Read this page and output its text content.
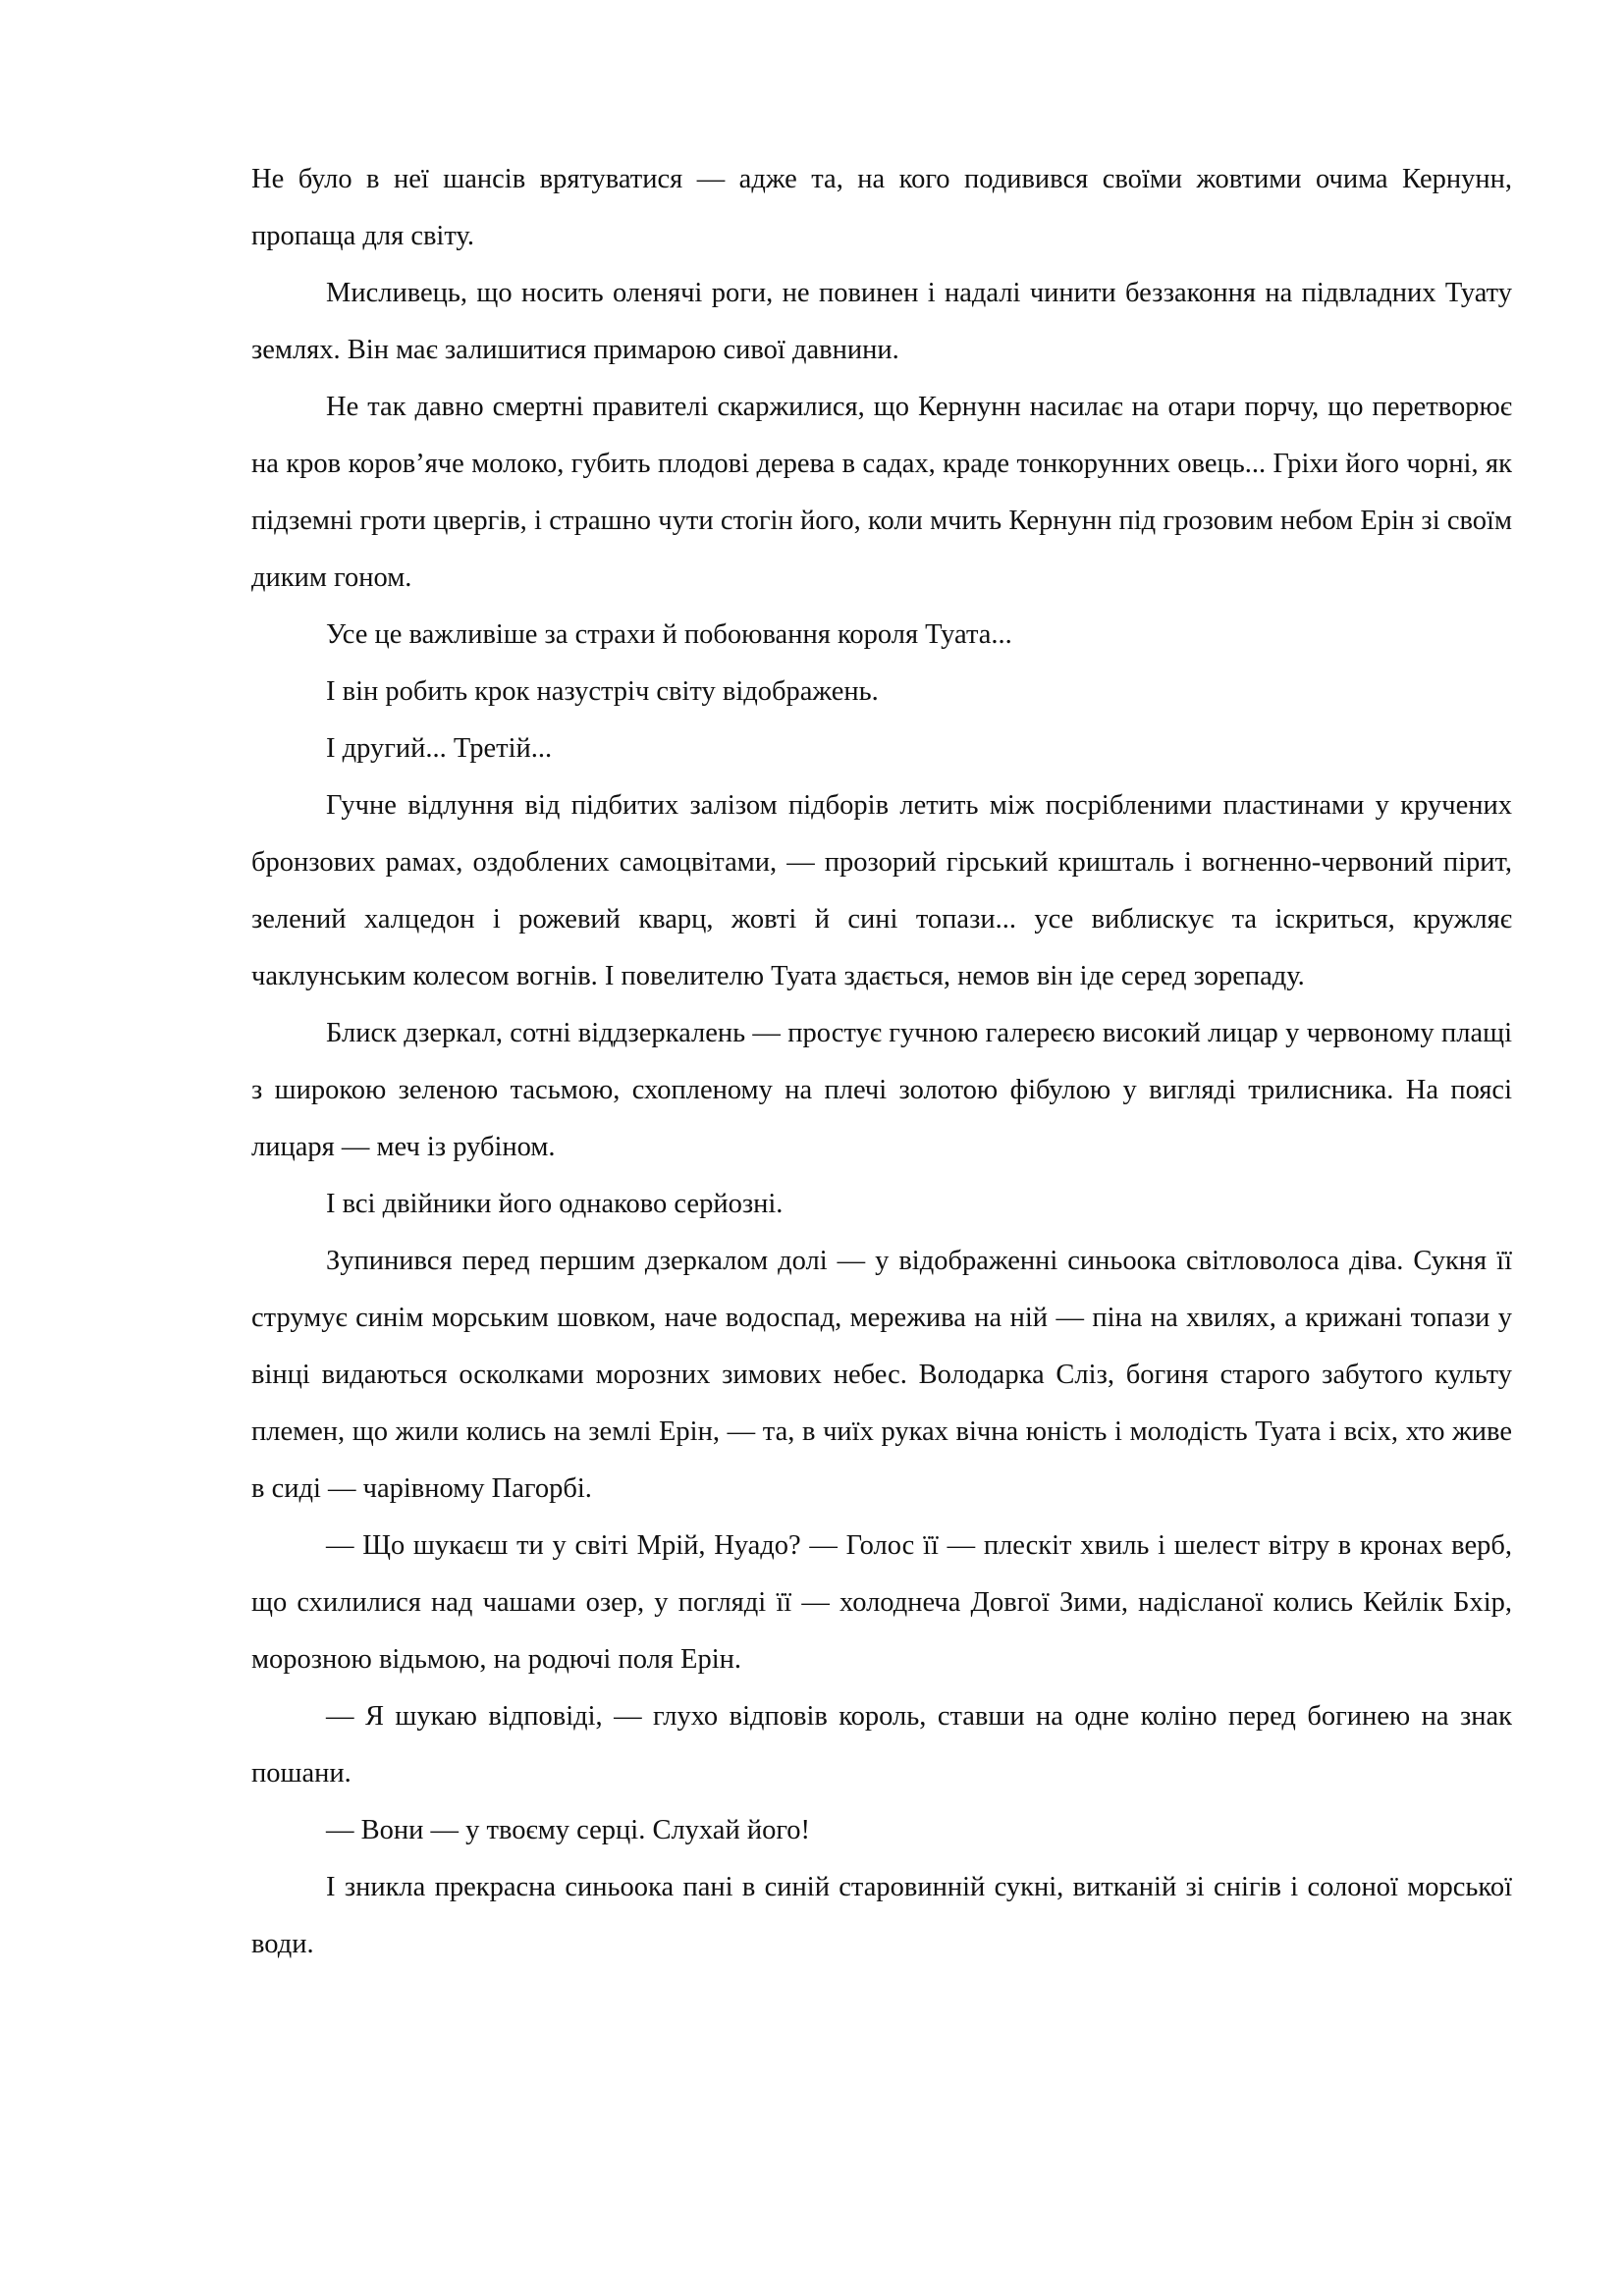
Не було в неї шансів врятуватися — адже та, на кого подивився своїми жовтими очима Кернунн, пропаща для світу.

Мисливець, що носить оленячі роги, не повинен і надалі чинити беззаконня на підвладних Туату землях. Він має залишитися примарою сивої давнини.

Не так давно смертні правителі скаржилися, що Кернунн насилає на отари порчу, що перетворює на кров коров’яче молоко, губить плодові дерева в садах, краде тонкорунних овець... Гріхи його чорні, як підземні гроти цвергів, і страшно чути стогін його, коли мчить Кернунн під грозовим небом Ерін зі своїм диким гоном.

Усе це важливіше за страхи й побоювання короля Туата...

І він робить крок назустріч світу відображень.

І другий... Третій...

Гучне відлуння від підбитих залізом підборів летить між посрібленими пластинами у кручених бронзових рамах, оздоблених самоцвітами, — прозорий гірський кришталь і вогненно-червоний пірит, зелений халцедон і рожевий кварц, жовті й сині топази... усе виблискує та іскриться, кружляє чаклунським колесом вогнів. І повелителю Туата здається, немов він іде серед зорепаду.

Блиск дзеркал, сотні віддзеркалень — простує гучною галереєю високий лицар у червоному плащі з широкою зеленою тасьмою, схопленому на плечі золотою фібулою у вигляді трилисника. На поясі лицаря — меч із рубіном.

І всі двійники його однаково серйозні.

Зупинився перед першим дзеркалом долі — у відображенні синьоока світловолоса діва. Сукня її струмує синім морським шовком, наче водоспад, мережива на ній — піна на хвилях, а крижані топази у вінці видаються осколками морозних зимових небес. Володарка Сліз, богиня старого забутого культу племен, що жили колись на землі Ерін, — та, в чиїх руках вічна юність і молодість Туата і всіх, хто живе в сиді — чарівному Пагорбі.

— Що шукаєш ти у світі Мрій, Нуадо? — Голос її — плескіт хвиль і шелест вітру в кронах верб, що схилилися над чашами озер, у погляді її — холоднеча Довгої Зими, надісланої колись Кейлік Бхір, морозною відьмою, на родючі поля Ерін.

— Я шукаю відповіді, — глухо відповів король, ставши на одне коліно перед богинею на знак пошани.

— Вони — у твоєму серці. Слухай його!

І зникла прекрасна синьоока пані в синій старовинній сукні, витканій зі снігів і солоної морської води.
